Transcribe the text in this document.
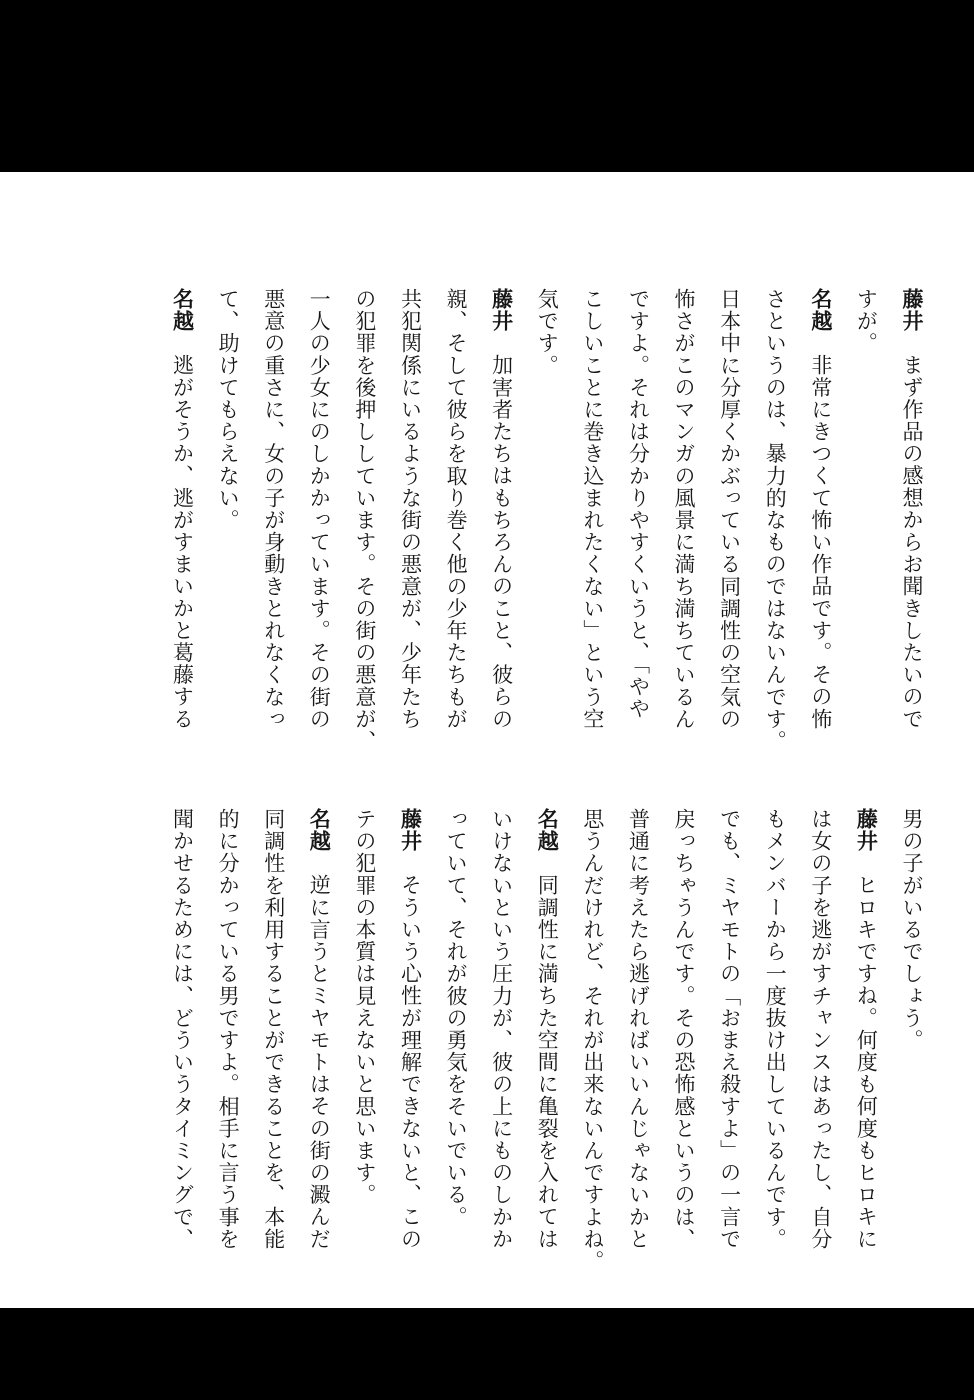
藤井まず作品の感想からお聞きしたいので
すが。
名越非常にきつくて怖い作品です。その怖
さというのは、暴力的なものではないんです。
日本中に分厚くかぶっている同調性の空気の
怖さがこのマンガの風景に満ち満ちているん
ですよ。それは分かりやすくいうと、「やや
こしいことに巻き込まれたくない」という空
気です。
藤井加害者たちはもちろんのこと、彼らの
親、そして彼らを取り巻く他の少年たちもが
共犯関係にいるような街の悪意が、少年たち
の犯罪を後押ししています。その街の悪意が、
一人の少女にのしかかっています。その街の
悪意の重さに、女の子が身動きとれなくなっ
て、助けてもらえない。
名越逃がそうか、逃がすまいかと葛藤する
男の子がいるでしょう。
藤井ヒロキですね。何度も何度もヒロキに
は女の子を逃がすチャンスはあったし、自分
もメンバーから一度抜け出しているんです。
でも、ミヤモトの「おまえ殺すよ」の一言で
戻っちゃうんです。その恐怖感というのは、
普通に考えたら逃げればいいんじゃないかと
思うんだけれど、それが出来ないんですよね。
名越同調性に満ちた空間に亀裂を入れては
いけないという圧力が、彼の上にものしかか
っていて、それが彼の勇気をそいでいる。
藤井そういう心性が理解できないと、この
テの犯罪の本質は見えないと思います。
名越逆に言うとミヤモトはその街の澱んだ
同調性を利用することができることを、本能
的に分かっている男ですよ。相手に言う事を
聞かせるためには、どういうタイミングで、
